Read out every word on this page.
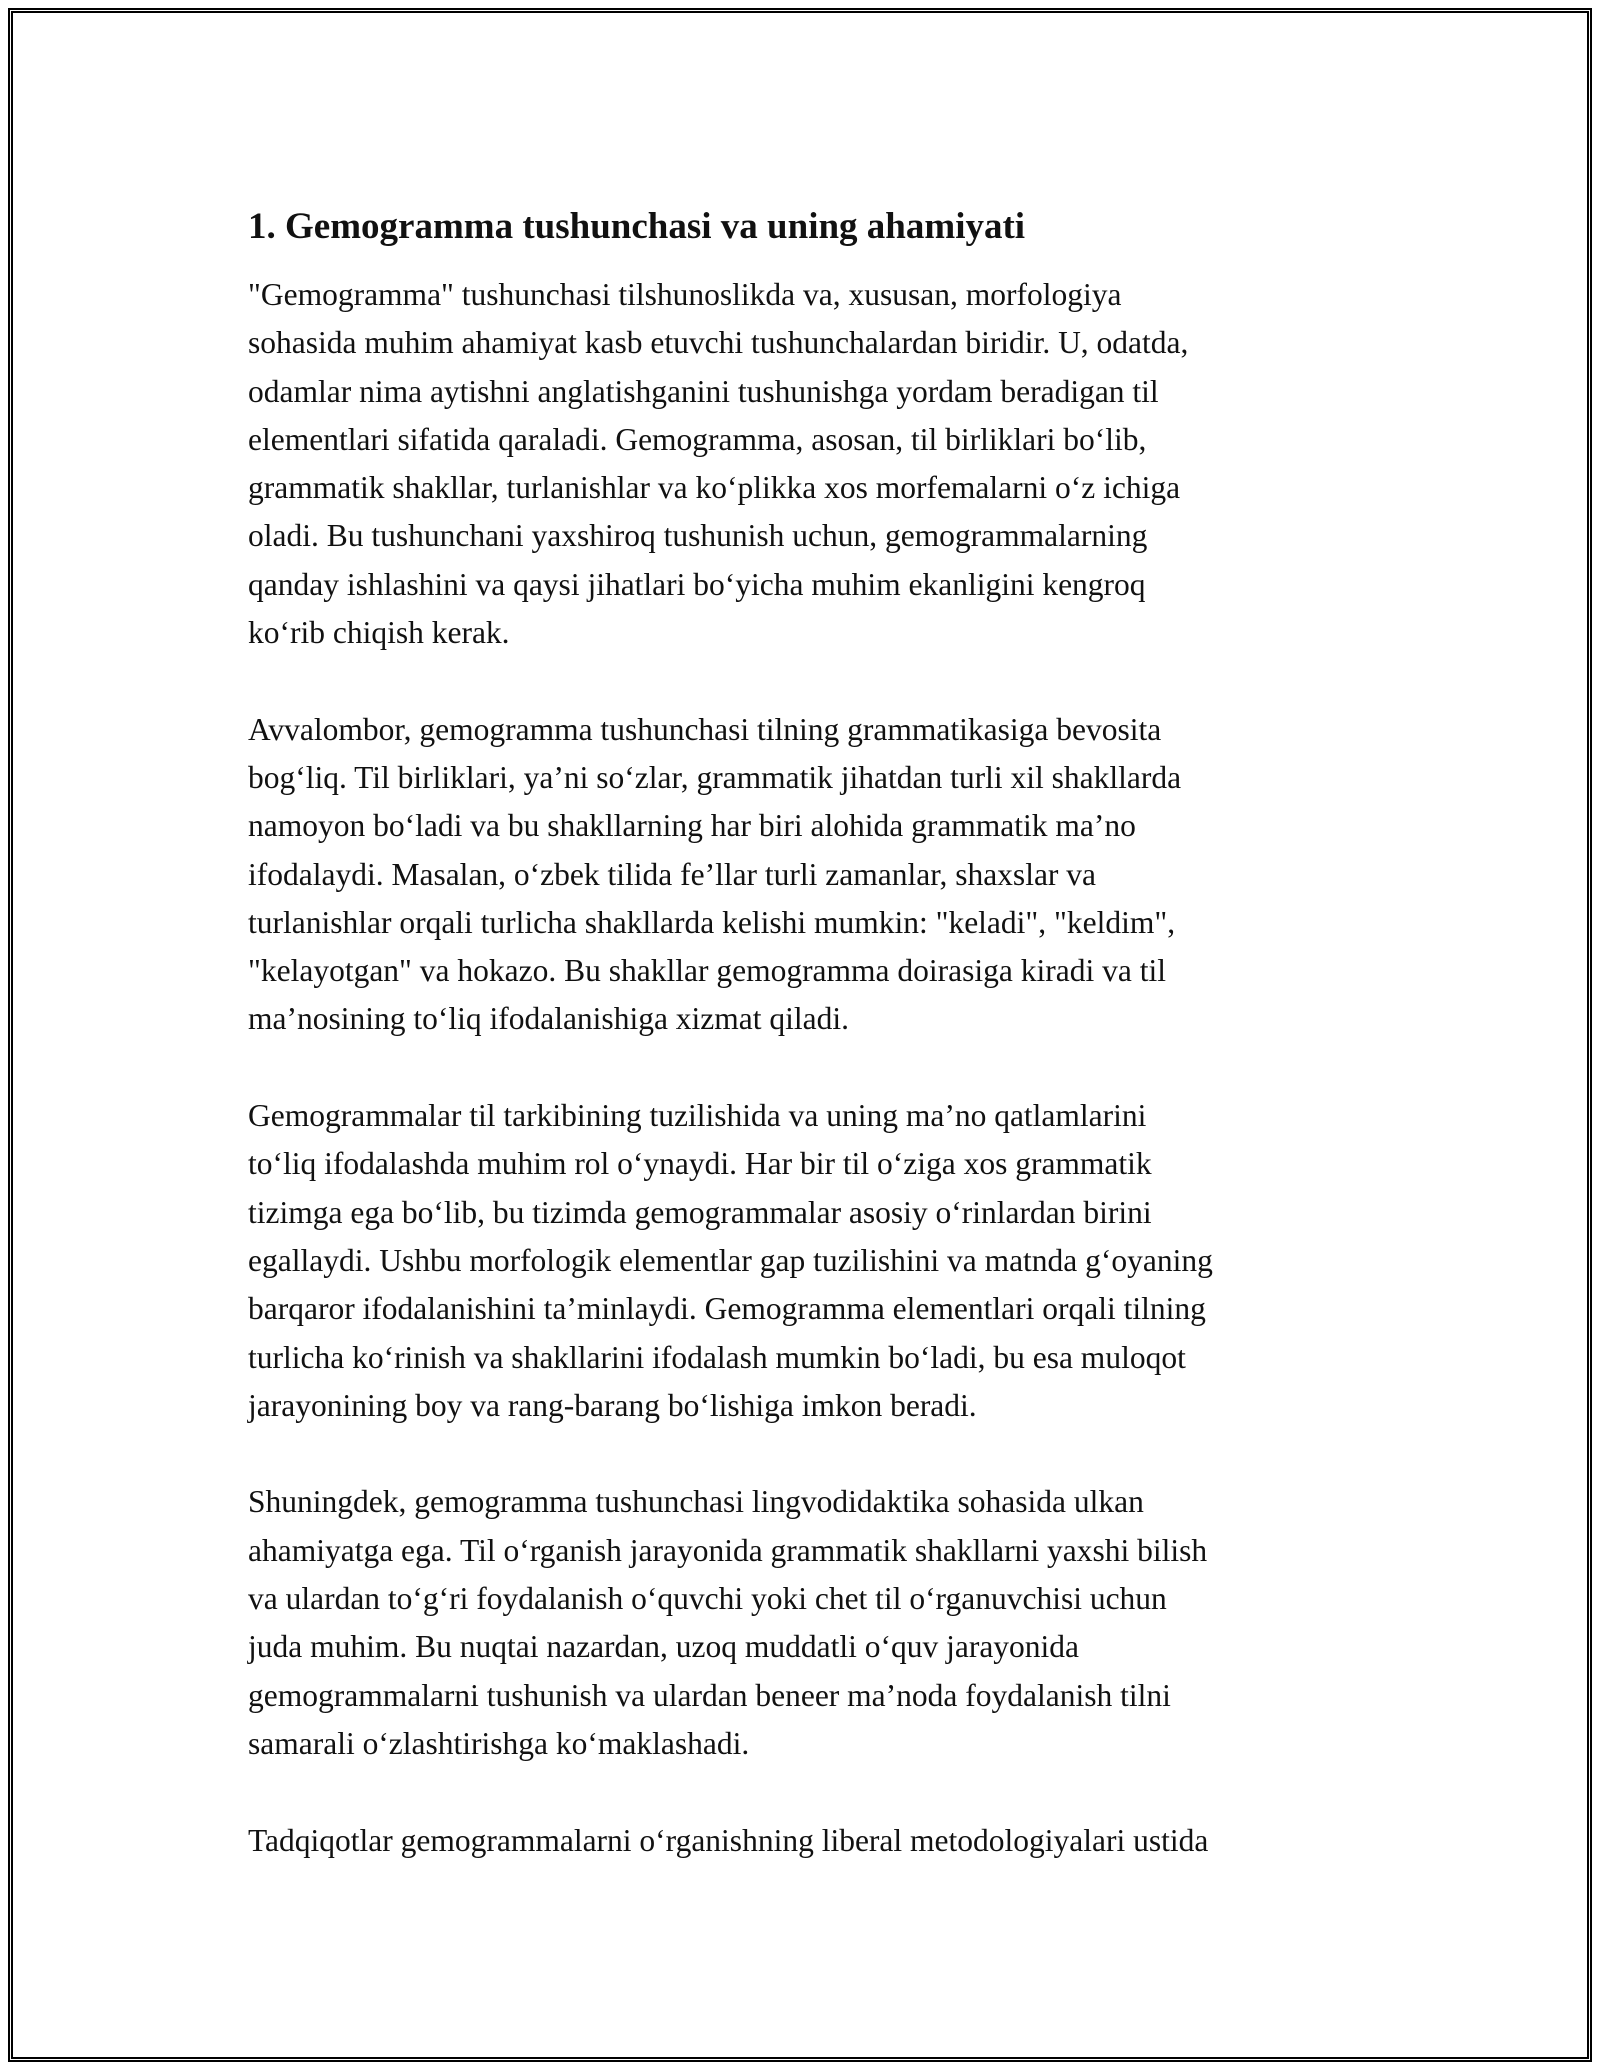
1. Gemogramma tushunchasi va uning ahamiyati

"Gemogramma" tushunchasi tilshunoslikda va, xususan, morfologiya
sohasida muhim ahamiyat kasb etuvchi tushunchalardan biridir. U, odatda,
odamlar nima aytishni anglatishganini tushunishga yordam beradigan til
elementlari sifatida qaraladi. Gemogramma, asosan, til birliklari bo‘lib,
grammatik shakllar, turlanishlar va ko‘plikka xos morfemalarni o‘z ichiga
oladi. Bu tushunchani yaxshiroq tushunish uchun, gemogrammalarning
qanday ishlashini va qaysi jihatlari bo‘yicha muhim ekanligini kengroq
ko‘rib chiqish kerak.

Avvalombor, gemogramma tushunchasi tilning grammatikasiga bevosita
bog‘liq. Til birliklari, ya’ni so‘zlar, grammatik jihatdan turli xil shakllarda
namoyon bo‘ladi va bu shakllarning har biri alohida grammatik ma’no
ifodalaydi. Masalan, o‘zbek tilida fe’llar turli zamanlar, shaxslar va
turlanishlar orqali turlicha shakllarda kelishi mumkin: "keladi", "keldim",
"kelayotgan" va hokazo. Bu shakllar gemogramma doirasiga kiradi va til
ma’nosining to‘liq ifodalanishiga xizmat qiladi.

Gemogrammalar til tarkibining tuzilishida va uning ma’no qatlamlarini
to‘liq ifodalashda muhim rol o‘ynaydi. Har bir til o‘ziga xos grammatik
tizimga ega bo‘lib, bu tizimda gemogrammalar asosiy o‘rinlardan birini
egallaydi. Ushbu morfologik elementlar gap tuzilishini va matnda g‘oyaning
barqaror ifodalanishini ta’minlaydi. Gemogramma elementlari orqali tilning
turlicha ko‘rinish va shakllarini ifodalash mumkin bo‘ladi, bu esa muloqot
jarayonining boy va rang-barang bo‘lishiga imkon beradi.

Shuningdek, gemogramma tushunchasi lingvodidaktika sohasida ulkan
ahamiyatga ega. Til o‘rganish jarayonida grammatik shakllarni yaxshi bilish
va ulardan to‘g‘ri foydalanish o‘quvchi yoki chet til o‘rganuvchisi uchun
juda muhim. Bu nuqtai nazardan, uzoq muddatli o‘quv jarayonida
gemogrammalarni tushunish va ulardan beneer ma’noda foydalanish tilni
samarali o‘zlashtirishga ko‘maklashadi.

Tadqiqotlar gemogrammalarni o‘rganishning liberal metodologiyalari ustida
